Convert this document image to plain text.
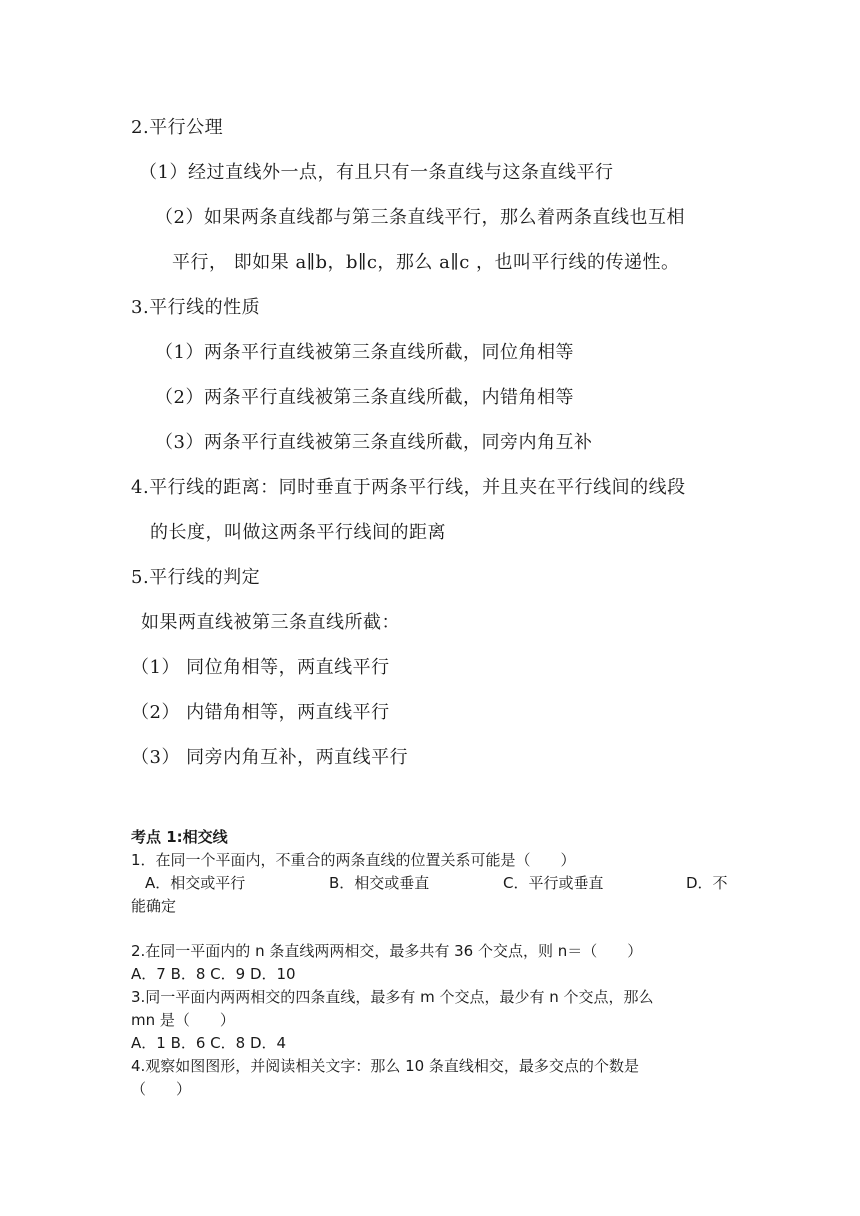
2.平行公理
（1）经过直线外一点，有且只有一条直线与这条直线平行
（2）如果两条直线都与第三条直线平行，那么着两条直线也互相
平行， 即如果 a∥b，b∥c，那么 a∥c ，也叫平行线的传递性。
3.平行线的性质
（1）两条平行直线被第三条直线所截，同位角相等
（2）两条平行直线被第三条直线所截，内错角相等
（3）两条平行直线被第三条直线所截，同旁内角互补
4.平行线的距离：同时垂直于两条平行线，并且夹在平行线间的线段
的长度，叫做这两条平行线间的距离
5.平行线的判定
如果两直线被第三条直线所截：
（1） 同位角相等，两直线平行
（2） 内错角相等，两直线平行
（3） 同旁内角互补，两直线平行
考点 1:相交线
1．在同一个平面内，不重合的两条直线的位置关系可能是（　　）
A．相交或平行	B．相交或垂直	C．平行或垂直	D．不
能确定
2.在同一平面内的 n 条直线两两相交，最多共有 36 个交点，则 n＝（　　）
A．7 B．8 C．9 D．10
3.同一平面内两两相交的四条直线，最多有 m 个交点，最少有 n 个交点，那么
mn 是（　　）
A．1 B．6 C．8 D．4
4.观察如图图形，并阅读相关文字：那么 10 条直线相交，最多交点的个数是
（　　）
